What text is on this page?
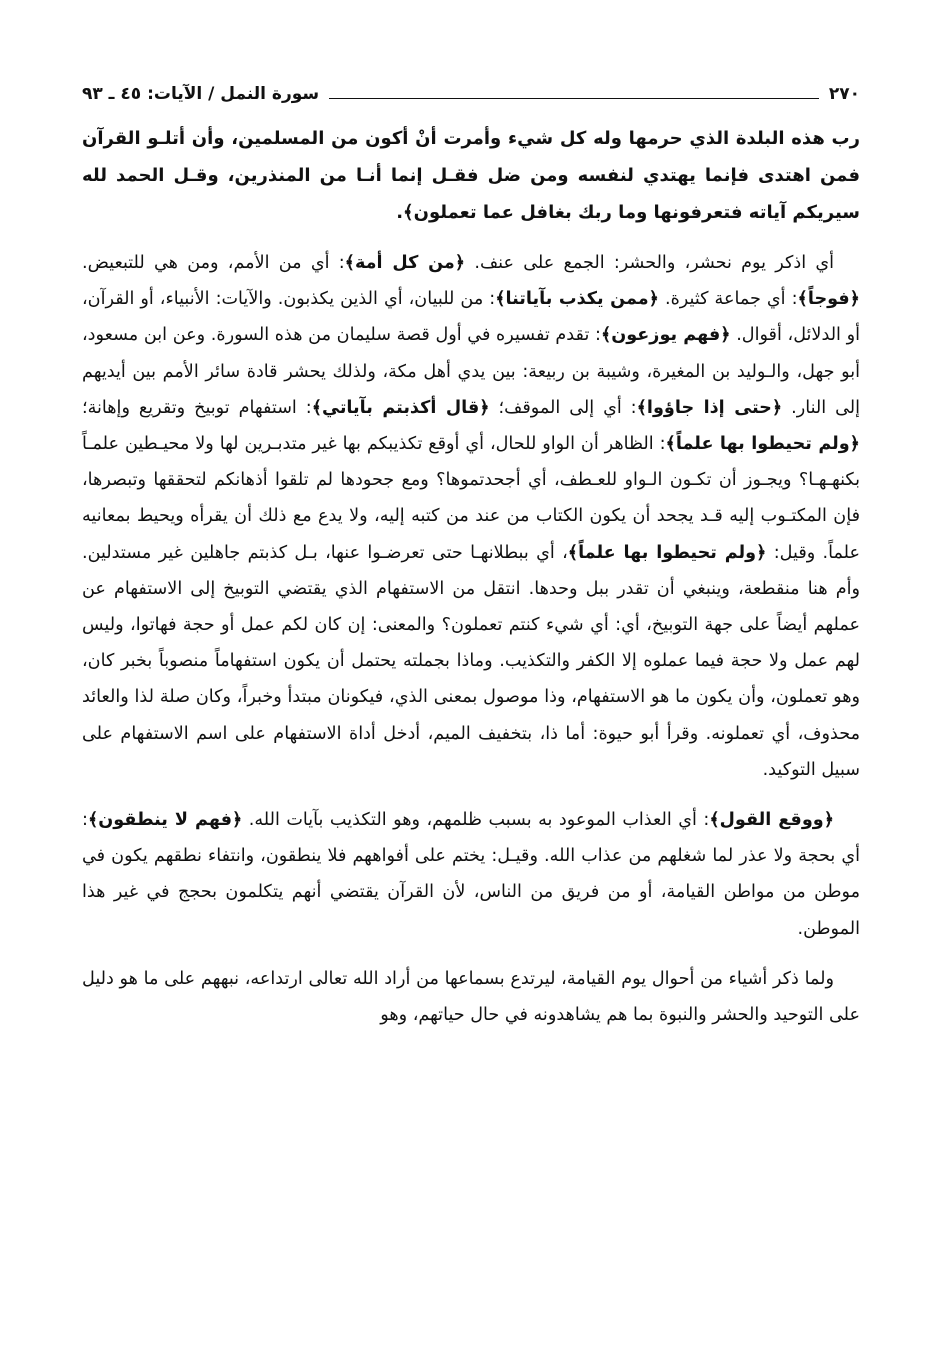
٢٧٠
سورة النمل / الآيات: ٤٥ ـ ٩٣

رب هذه البلدة الذي حرمها وله كل شيء وأمرت أنْ أكون من المسلمين، وأن أتلـو القرآن فمن اهتدى فإنما يهتدي لنفسه ومن ضل فقـل إنما أنـا من المنذرين، وقـل الحمد لله سيريكم آياته فتعرفونها وما ربك بغافل عما تعملون﴾.

أي اذكر يوم نحشر، والحشر: الجمع على عنف. ﴿من كل أمة﴾: أي من الأمم، ومن هي للتبعيض. ﴿فوجاً﴾: أي جماعة كثيرة. ﴿ممن يكذب بآياتنا﴾: من للبيان، أي الذين يكذبون. والآيات: الأنبياء، أو القرآن، أو الدلائل، أقوال. ﴿فهم يوزعون﴾: تقدم تفسيره في أول قصة سليمان من هذه السورة. وعن ابن مسعود، أبو جهل، والـوليد بن المغيرة، وشيبة بن ربيعة: بين يدي أهل مكة، ولذلك يحشر قادة سائر الأمم بين أيديهم إلى النار. ﴿حتى إذا جاؤوا﴾: أي إلى الموقف؛ ﴿قال أكذبتم بآياتي﴾: استفهام توبيخ وتقريع وإهانة؛ ﴿ولم تحيطوا بها علماً﴾: الظاهر أن الواو للحال، أي أوقع تكذيبكم بها غير متدبـرين لها ولا محيـطين علمـاً بكنهـهـا؟ ويجـوز أن تكـون الـواو للعـطف، أي أجحدتموها؟ ومع جحودها لم تلقوا أذهانكم لتحققها وتبصرها، فإن المكتـوب إليه قـد يجحد أن يكون الكتاب من عند من كتبه إليه، ولا يدع مع ذلك أن يقرأه ويحيط بمعانيه علماً. وقيل: ﴿ولم تحيطوا بها علماً﴾، أي ببطلانهـا حتى تعرضـوا عنها، بـل كذبتم جاهلين غير مستدلين. وأم هنا منقطعة، وينبغي أن تقدر ببل وحدها. انتقل من الاستفهام الذي يقتضي التوبيخ إلى الاستفهام عن عملهم أيضاً على جهة التوبيخ، أي: أي شيء كنتم تعملون؟ والمعنى: إن كان لكم عمل أو حجة فهاتوا، وليس لهم عمل ولا حجة فيما عملوه إلا الكفر والتكذيب. وماذا بجملته يحتمل أن يكون استفهاماً منصوباً بخبر كان، وهو تعملون، وأن يكون ما هو الاستفهام، وذا موصول بمعنى الذي، فيكونان مبتدأ وخبراً، وكان صلة لذا والعائد محذوف، أي تعملونه. وقرأ أبو حيوة: أما ذا، بتخفيف الميم، أدخل أداة الاستفهام على اسم الاستفهام على سبيل التوكيد.

﴿ووقع القول﴾: أي العذاب الموعود به بسبب ظلمهم، وهو التكذيب بآيات الله. ﴿فهم لا ينطقون﴾: أي بحجة ولا عذر لما شغلهم من عذاب الله. وقيـل: يختم على أفواههم فلا ينطقون، وانتفاء نطقهم يكون في موطن من مواطن القيامة، أو من فريق من الناس، لأن القرآن يقتضي أنهم يتكلمون بحجج في غير هذا الموطن.

ولما ذكر أشياء من أحوال يوم القيامة، ليرتدع بسماعها من أراد الله تعالى ارتداعه، نبههم على ما هو دليل على التوحيد والحشر والنبوة بما هم يشاهدونه في حال حياتهم، وهو
